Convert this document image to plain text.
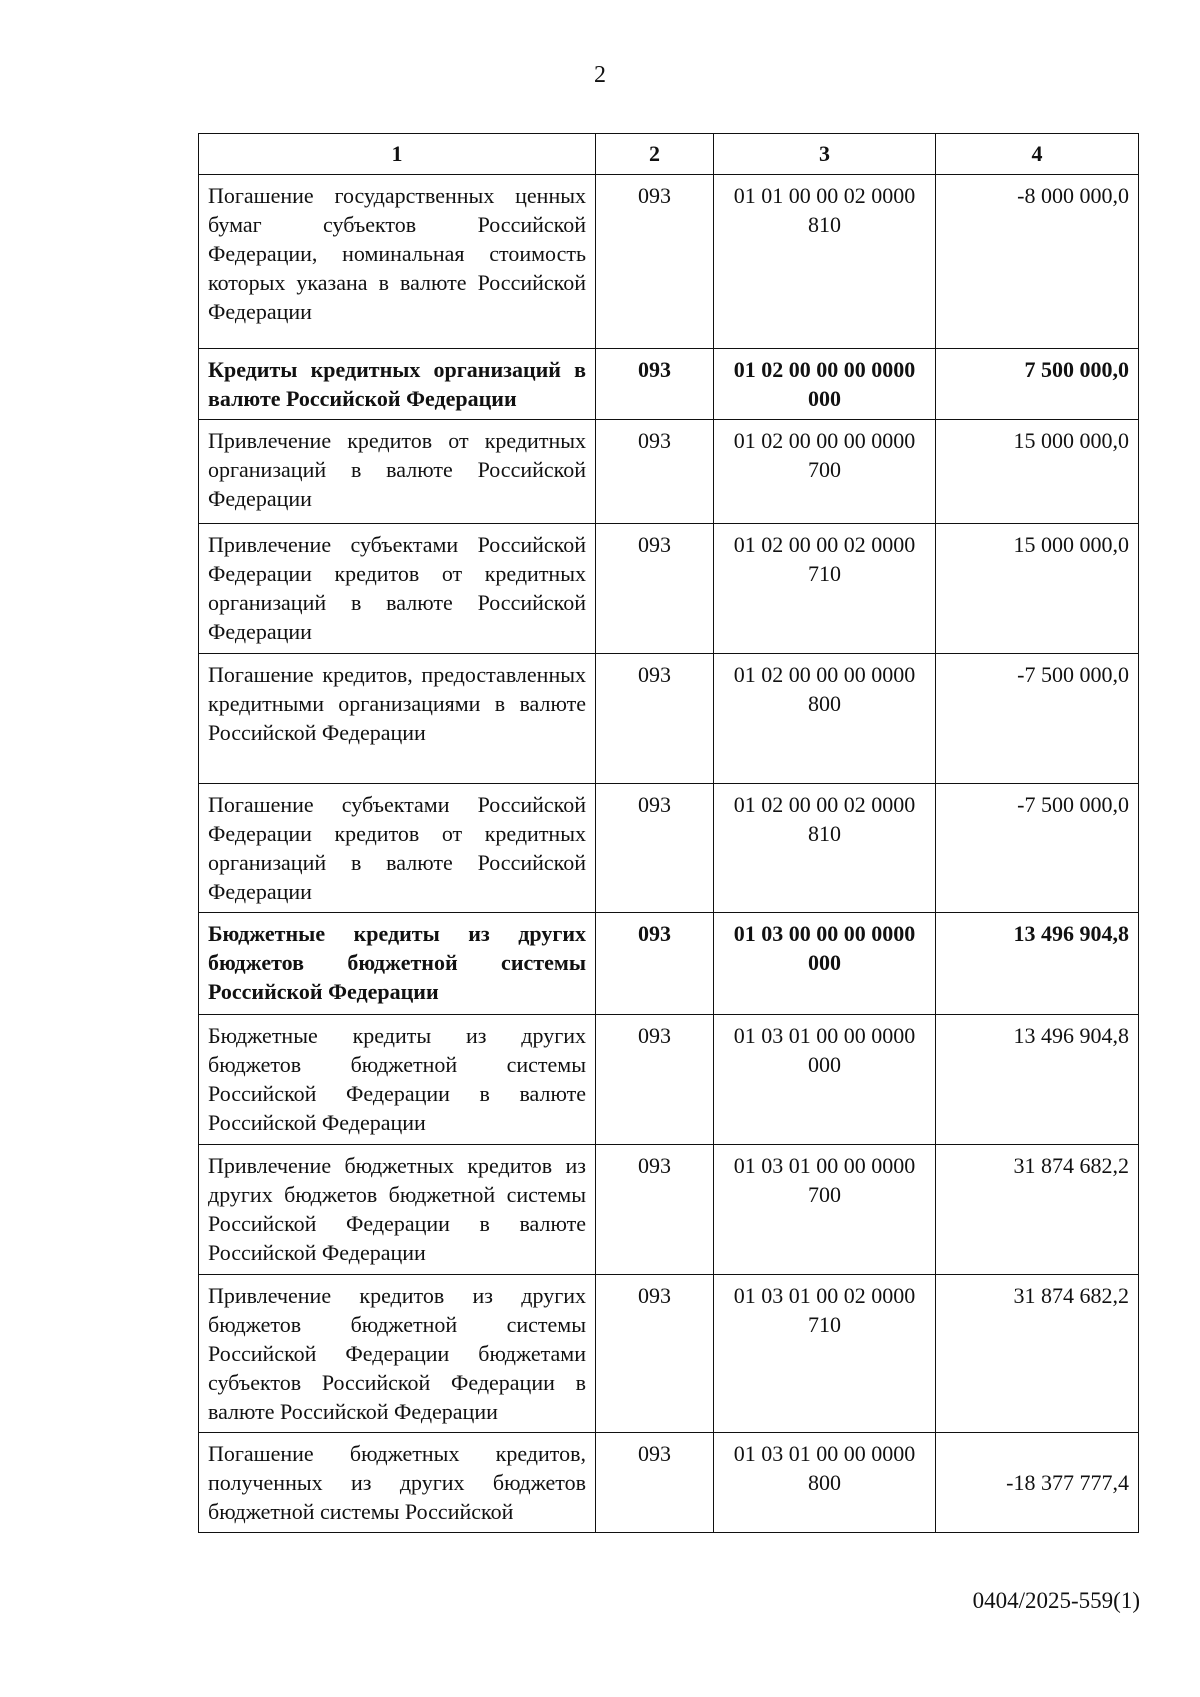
2
1	2	3	4
Погашение государственных ценных бумаг субъектов Российской Федерации, номинальная стоимость которых указана в валюте Российской Федерации	093	01 01 00 00 02 0000 810	-8 000 000,0
Кредиты кредитных организаций в валюте Российской Федерации	093	01 02 00 00 00 0000 000	7 500 000,0
Привлечение кредитов от кредитных организаций в валюте Российской Федерации	093	01 02 00 00 00 0000 700	15 000 000,0
Привлечение субъектами Российской Федерации кредитов от кредитных организаций в валюте Российской Федерации	093	01 02 00 00 02 0000 710	15 000 000,0
Погашение кредитов, предоставленных кредитными организациями в валюте Российской Федерации	093	01 02 00 00 00 0000 800	-7 500 000,0
Погашение субъектами Российской Федерации кредитов от кредитных организаций в валюте Российской Федерации	093	01 02 00 00 02 0000 810	-7 500 000,0
Бюджетные кредиты из других бюджетов бюджетной системы Российской Федерации	093	01 03 00 00 00 0000 000	13 496 904,8
Бюджетные кредиты из других бюджетов бюджетной системы Российской Федерации в валюте Российской Федерации	093	01 03 01 00 00 0000 000	13 496 904,8
Привлечение бюджетных кредитов из других бюджетов бюджетной системы Российской Федерации в валюте Российской Федерации	093	01 03 01 00 00 0000 700	31 874 682,2
Привлечение кредитов из других бюджетов бюджетной системы Российской Федерации бюджетами субъектов Российской Федерации в валюте Российской Федерации	093	01 03 01 00 02 0000 710	31 874 682,2
Погашение бюджетных кредитов, полученных из других бюджетов бюджетной системы Российской	093	01 03 01 00 00 0000 800	-18 377 777,4
0404/2025-559(1)
